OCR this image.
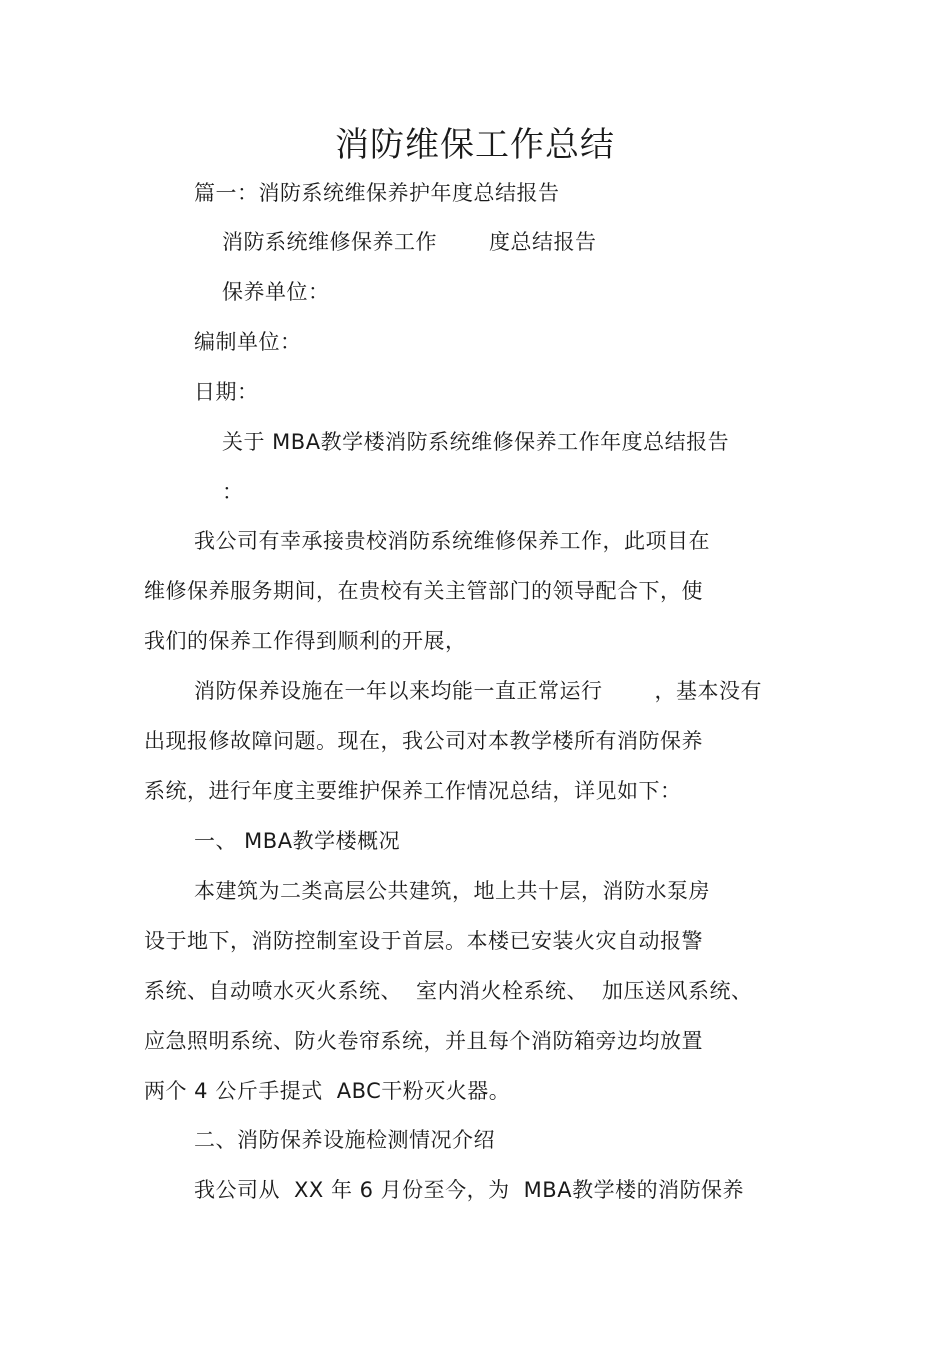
消防维保工作总结
篇一：消防系统维保养护年度总结报告
消防系统维修保养工作 度总结报告
保养单位：
编制单位：
日期：
关于 MBA教学楼消防系统维修保养工作年度总结报告
：
我公司有幸承接贵校消防系统维修保养工作，此项目在
维修保养服务期间，在贵校有关主管部门的领导配合下，使
我们的保养工作得到顺利的开展，
消防保养设施在一年以来均能一直正常运行 ，基本没有
出现报修故障问题。现在，我公司对本教学楼所有消防保养
系统，进行年度主要维护保养工作情况总结，详见如下：
一、 MBA教学楼概况
本建筑为二类高层公共建筑，地上共十层，消防水泵房
设于地下，消防控制室设于首层。本楼已安装火灾自动报警
系统、自动喷水灭火系统、 室内消火栓系统、 加压送风系统、
应急照明系统、防火卷帘系统，并且每个消防箱旁边均放置
两个 4 公斤手提式 ABC干粉灭火器。
二、消防保养设施检测情况介绍
我公司从 XX 年 6 月份至今，为 MBA教学楼的消防保养
